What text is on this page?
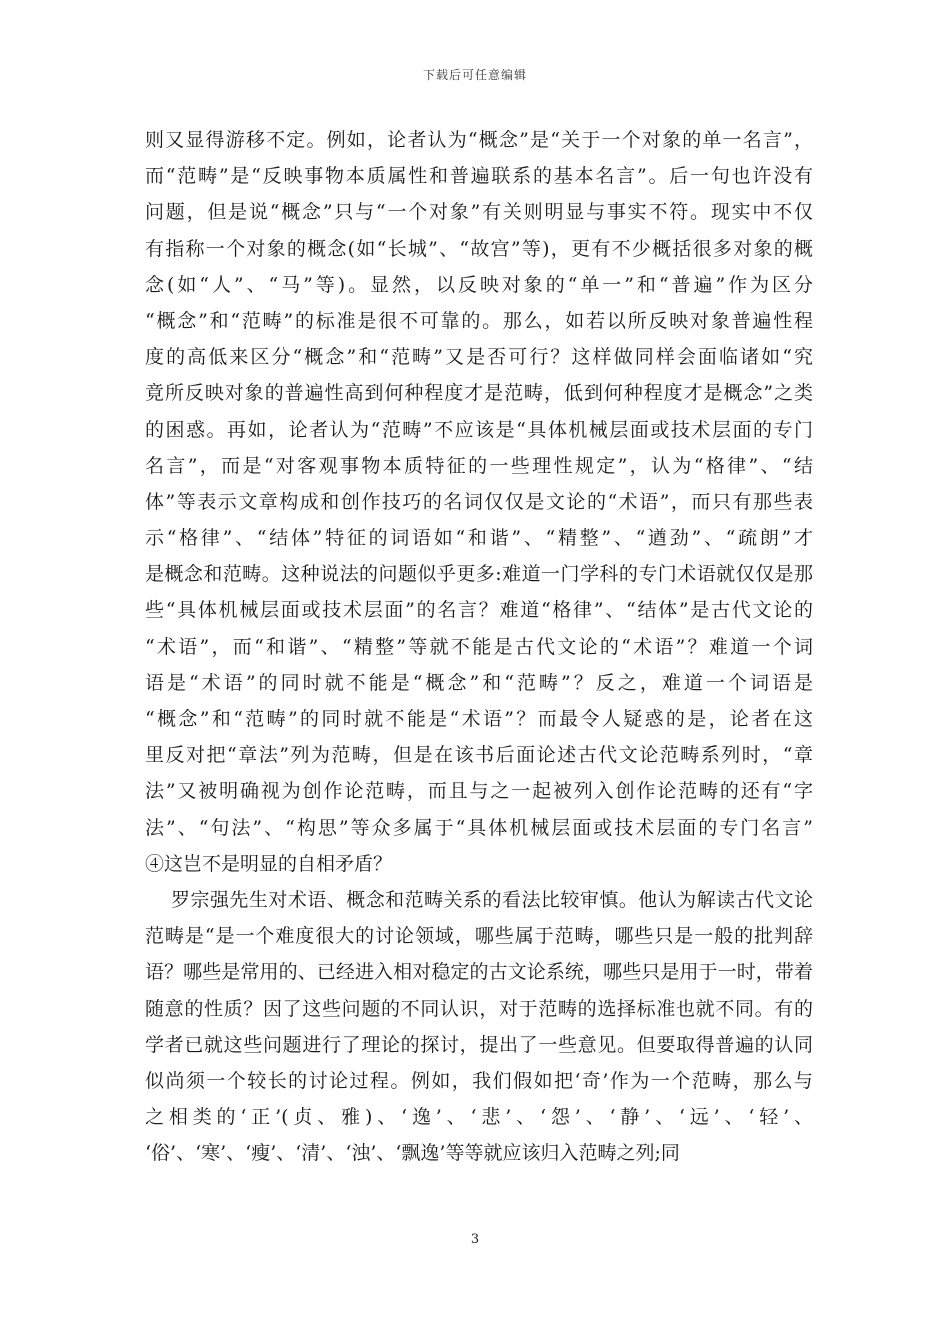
下载后可任意编辑
则又显得游移不定。例如，论者认为“概念”是“关于一个对象的单一名言”，
而“范畴”是“反映事物本质属性和普遍联系的基本名言”。后一句也许没有
问题，但是说“概念”只与“一个对象”有关则明显与事实不符。现实中不仅
有指称一个对象的概念(如“长城”、“故宫”等)，更有不少概括很多对象的概
念(如“人”、“马”等)。显然，以反映对象的“单一”和“普遍”作为区分
“概念”和“范畴”的标准是很不可靠的。那么，如若以所反映对象普遍性程
度的高低来区分“概念”和“范畴”又是否可行？这样做同样会面临诸如“究
竟所反映对象的普遍性高到何种程度才是范畴，低到何种程度才是概念”之类
的困惑。再如，论者认为“范畴”不应该是“具体机械层面或技术层面的专门
名言”，而是“对客观事物本质特征的一些理性规定”，认为“格律”、“结
体”等表示文章构成和创作技巧的名词仅仅是文论的“术语”，而只有那些表
示“格律”、“结体”特征的词语如“和谐”、“精整”、“遒劲”、“疏朗”才
是概念和范畴。这种说法的问题似乎更多:难道一门学科的专门术语就仅仅是那
些“具体机械层面或技术层面”的名言？难道“格律”、“结体”是古代文论的
“术语”，而“和谐”、“精整”等就不能是古代文论的“术语”？难道一个词
语是“术语”的同时就不能是“概念”和“范畴”？反之，难道一个词语是
“概念”和“范畴”的同时就不能是“术语”？而最令人疑惑的是，论者在这
里反对把“章法”列为范畴，但是在该书后面论述古代文论范畴系列时，“章
法”又被明确视为创作论范畴，而且与之一起被列入创作论范畴的还有“字
法”、“句法”、“构思”等众多属于“具体机械层面或技术层面的专门名言”
④这岂不是明显的自相矛盾？
罗宗强先生对术语、概念和范畴关系的看法比较审慎。他认为解读古代文论
范畴是“是一个难度很大的讨论领域，哪些属于范畴，哪些只是一般的批判辞
语？哪些是常用的、已经进入相对稳定的古文论系统，哪些只是用于一时，带着
随意的性质？因了这些问题的不同认识，对于范畴的选择标准也就不同。有的
学者已就这些问题进行了理论的探讨，提出了一些意见。但要取得普遍的认同
似尚须一个较长的讨论过程。例如，我们假如把‘奇’作为一个范畴，那么与
之相类的‘正’(贞、雅)、‘逸’、‘悲’、‘怨’、‘静’、‘远’、‘轻’、
‘俗’、‘寒’、‘瘦’、‘清’、‘浊’、‘飘逸’等等就应该归入范畴之列;同
3
